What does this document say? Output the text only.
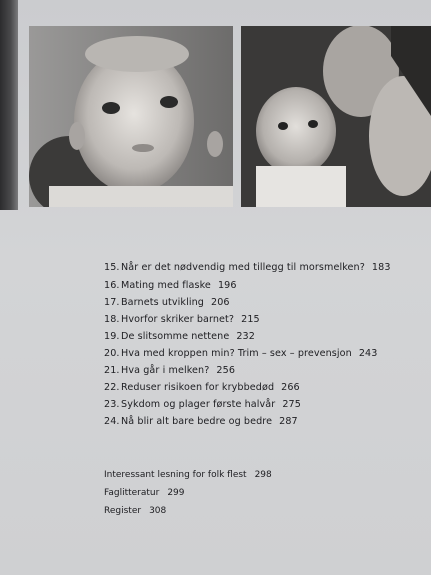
15.Når er det nødvendig med tillegg til morsmelken? 183
16.Mating med flaske 196
17.Barnets utvikling 206
18.Hvorfor skriker barnet? 215
19.De slitsomme nettene 232
20.Hva med kroppen min? Trim – sex – prevensjon 243
21.Hva går i melken? 256
22.Reduser risikoen for krybbedød 266
23.Sykdom og plager første halvår 275
24.Nå blir alt bare bedre og bedre 287
Interessant lesning for folk flest 298
Faglitteratur 299
Register 308
